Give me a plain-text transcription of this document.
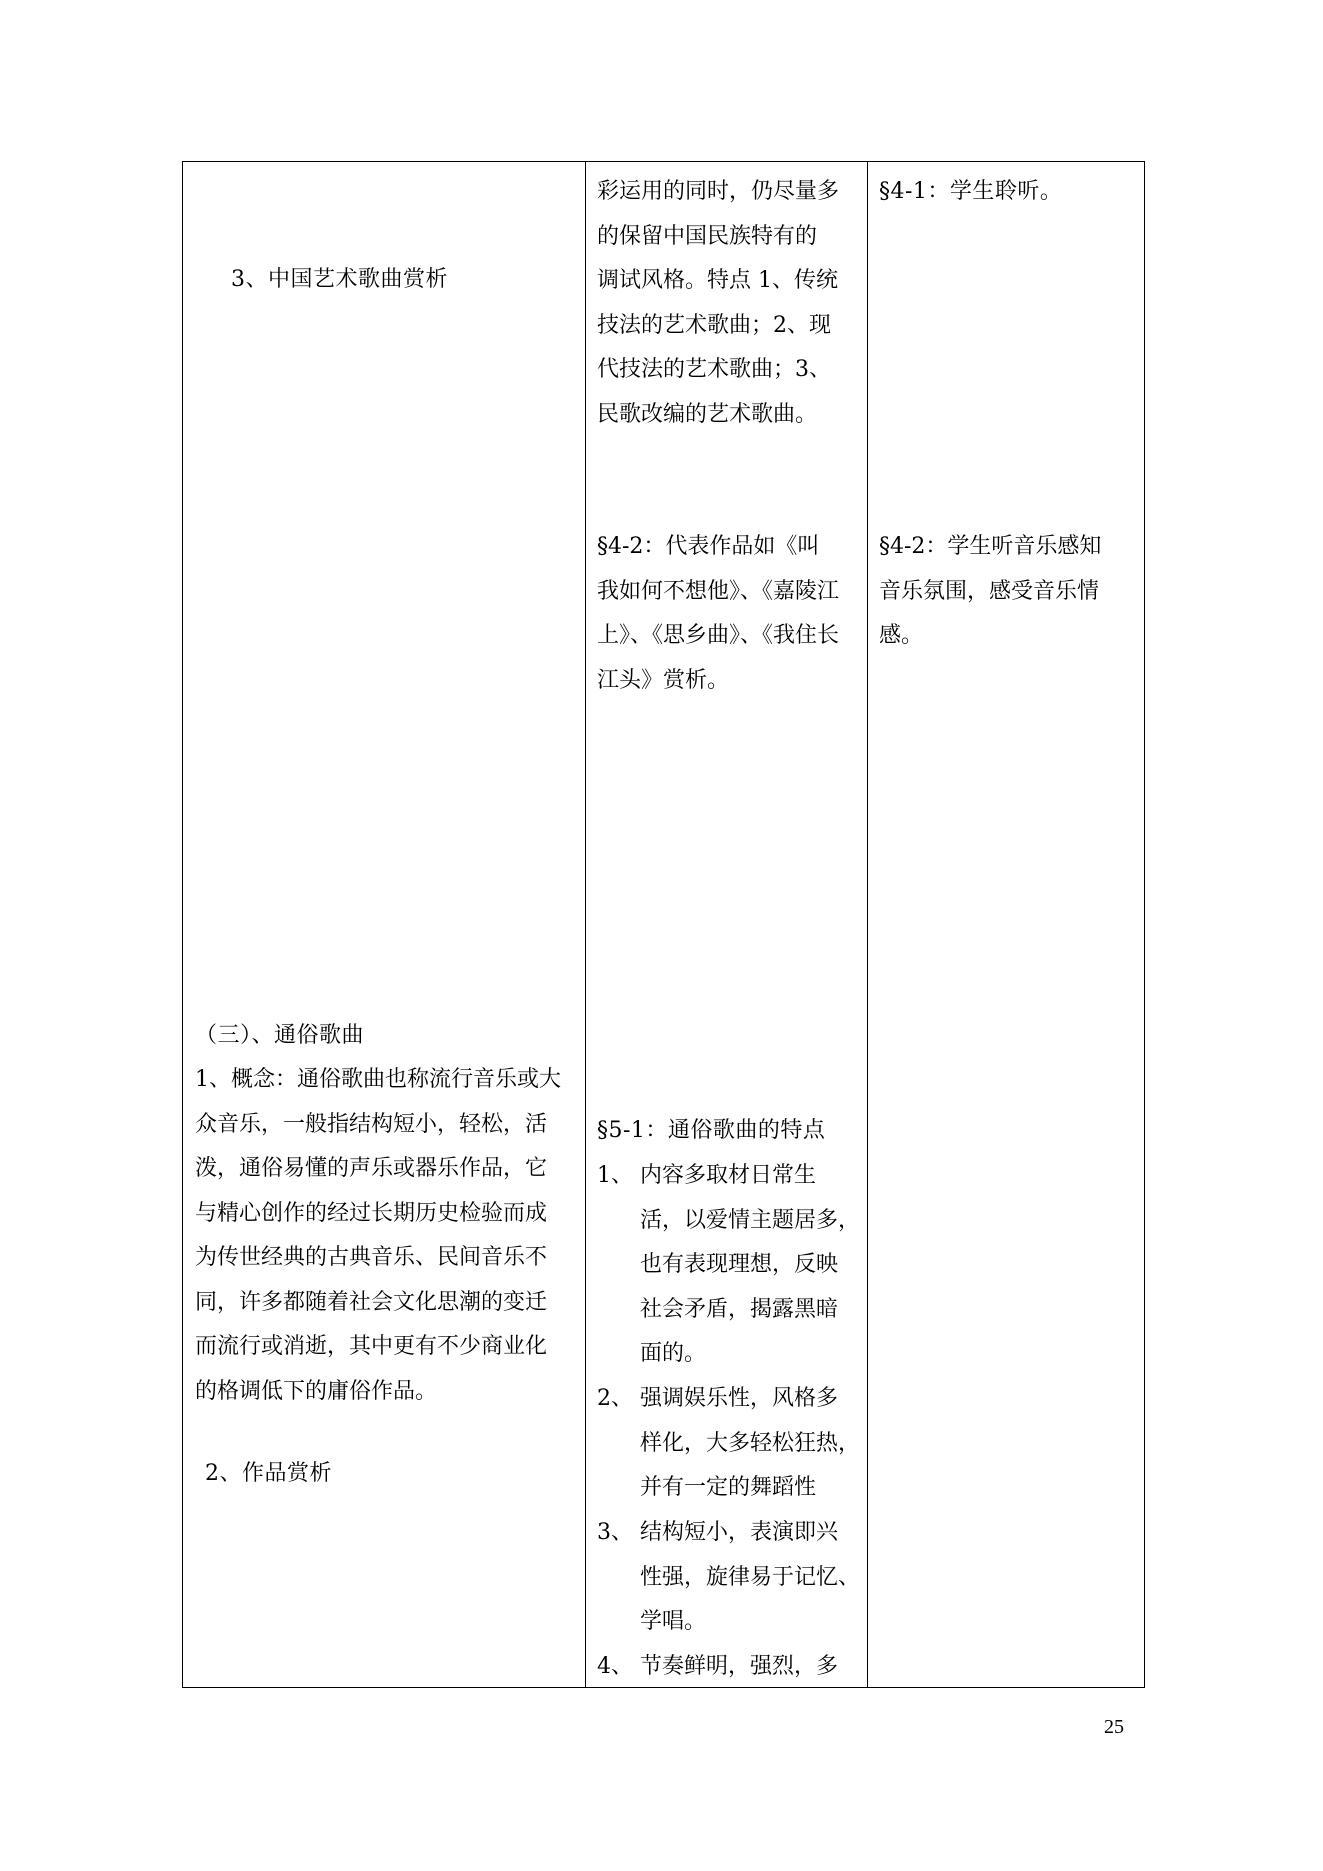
3、中国艺术歌曲赏析
（三）、通俗歌曲
1、概念：通俗歌曲也称流行音乐或大
众音乐，一般指结构短小，轻松，活
泼，通俗易懂的声乐或器乐作品，它
与精心创作的经过长期历史检验而成
为传世经典的古典音乐、民间音乐不
同，许多都随着社会文化思潮的变迁
而流行或消逝，其中更有不少商业化
的格调低下的庸俗作品。
2、作品赏析
彩运用的同时，仍尽量多
的保留中国民族特有的
调试风格。特点 1、传统
技法的艺术歌曲；2、现
代技法的艺术歌曲；3、
民歌改编的艺术歌曲。
§4-2：代表作品如《叫
我如何不想他》、《嘉陵江
上》、《思乡曲》、《我住长
江头》赏析。
§5-1：通俗歌曲的特点
1、 内容多取材日常生
活，以爱情主题居多，
也有表现理想，反映
社会矛盾，揭露黑暗
面的。
2、 强调娱乐性，风格多
样化，大多轻松狂热，
并有一定的舞蹈性
3、 结构短小，表演即兴
性强，旋律易于记忆、
学唱。
4、 节奏鲜明，强烈，多
§4-1：学生聆听。
§4-2：学生听音乐感知
音乐氛围，感受音乐情
感。
25
